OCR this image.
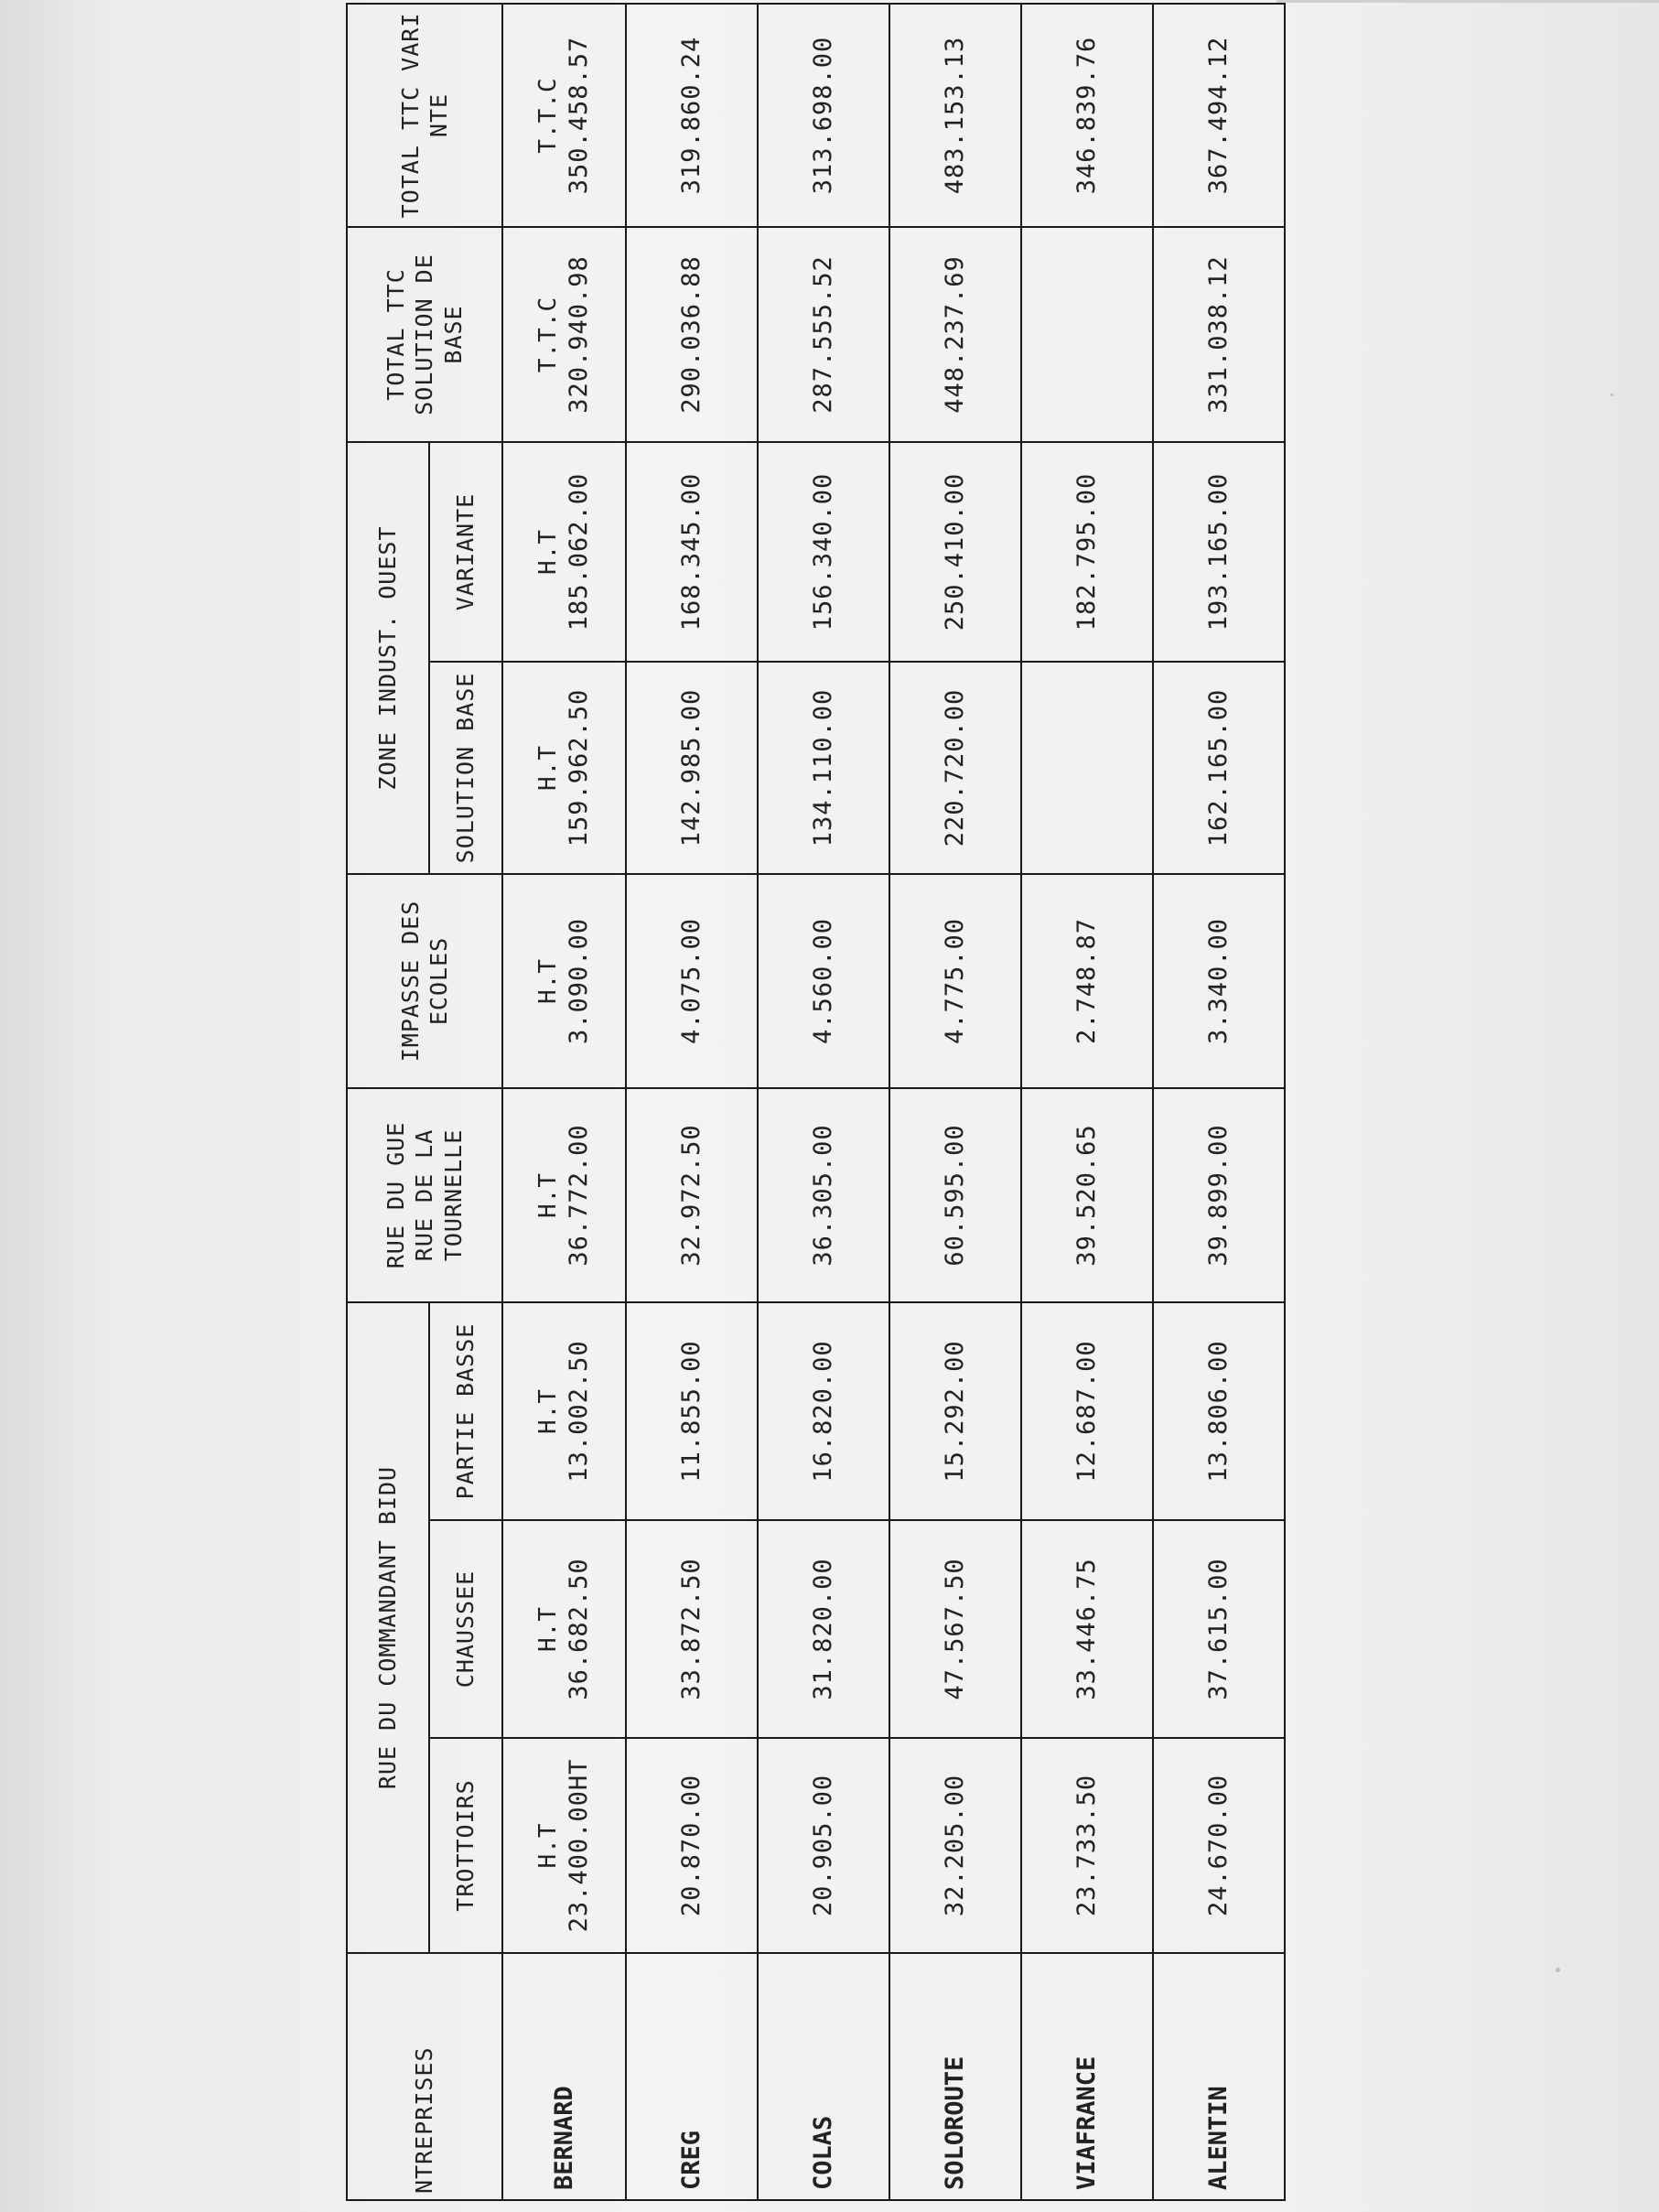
NTREPRISES	RUE DU COMMANDANT BIDU			RUE DU GUE RUE DE LA TOURNELLE	IMPASSE DES ECOLES	ZONE INDUST. OUEST		TOTAL TTC SOLUTION DE BASE	TOTAL TTC VARI NTE
	TROTTOIRS	CHAUSSEE	PARTIE BASSE			SOLUTION BASE	VARIANTE		
BERNARD	H.T 23.400.00HT	H.T 36.682.50	H.T 13.002.50	H.T 36.772.00	H.T 3.090.00	H.T 159.962.50	H.T 185.062.00	T.T.C 320.940.98	T.T.C 350.458.57

CREG	20.870.00	33.872.50	11.855.00	32.972.50	4.075.00	142.985.00	168.345.00	290.036.88	319.860.24
COLAS	20.905.00	31.820.00	16.820.00	36.305.00	4.560.00	134.110.00	156.340.00	287.555.52	313.698.00
SOLOROUTE	32.205.00	47.567.50	15.292.00	60.595.00	4.775.00	220.720.00	250.410.00	448.237.69	483.153.13
VIAFRANCE	23.733.50	33.446.75	12.687.00	39.520.65	2.748.87		182.795.00		346.839.76
ALENTIN	24.670.00	37.615.00	13.806.00	39.899.00	3.340.00	162.165.00	193.165.00	331.038.12	367.494.12
